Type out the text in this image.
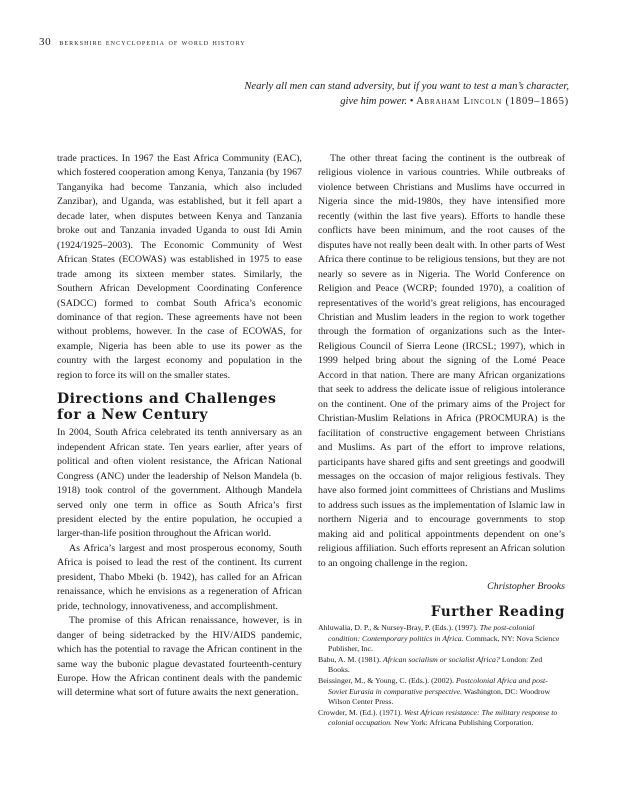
30 berkshire encyclopedia of world history
Nearly all men can stand adversity, but if you want to test a man’s character, give him power. • Abraham Lincoln (1809–1865)

trade practices. In 1967 the East Africa Community (EAC), which fostered cooperation among Kenya, Tanzania (by 1967 Tanganyika had become Tanzania, which also included Zanzibar), and Uganda, was established, but it fell apart a decade later, when disputes between Kenya and Tanzania broke out and Tanzania invaded Uganda to oust Idi Amin (1924/1925–2003). The Economic Community of West African States (ECOWAS) was established in 1975 to ease trade among its sixteen member states. Similarly, the Southern African Development Coordinating Conference (SADCC) formed to combat South Africa’s economic dominance of that region. These agreements have not been without problems, however. In the case of ECOWAS, for example, Nigeria has been able to use its power as the country with the largest economy and population in the region to force its will on the smaller states.

Directions and Challenges for a New Century

In 2004, South Africa celebrated its tenth anniversary as an independent African state. Ten years earlier, after years of political and often violent resistance, the African National Congress (ANC) under the leadership of Nelson Mandela (b. 1918) took control of the government. Although Mandela served only one term in office as South Africa’s first president elected by the entire population, he occupied a larger-than-life position throughout the African world.

As Africa’s largest and most prosperous economy, South Africa is poised to lead the rest of the continent. Its current president, Thabo Mbeki (b. 1942), has called for an African renaissance, which he envisions as a regeneration of African pride, technology, innovativeness, and accomplishment.

The promise of this African renaissance, however, is in danger of being sidetracked by the HIV/AIDS pandemic, which has the potential to ravage the African continent in the same way the bubonic plague devastated fourteenth-century Europe. How the African continent deals with the pandemic will determine what sort of future awaits the next generation.

The other threat facing the continent is the outbreak of religious violence in various countries. While outbreaks of violence between Christians and Muslims have occurred in Nigeria since the mid-1980s, they have intensified more recently (within the last five years). Efforts to handle these conflicts have been minimum, and the root causes of the disputes have not really been dealt with. In other parts of West Africa there continue to be religious tensions, but they are not nearly so severe as in Nigeria. The World Conference on Religion and Peace (WCRP; founded 1970), a coalition of representatives of the world’s great religions, has encouraged Christian and Muslim leaders in the region to work together through the formation of organizations such as the Inter-Religious Council of Sierra Leone (IRCSL; 1997), which in 1999 helped bring about the signing of the Lomé Peace Accord in that nation. There are many African organizations that seek to address the delicate issue of religious intolerance on the continent. One of the primary aims of the Project for Christian-Muslim Relations in Africa (PROCMURA) is the facilitation of constructive engagement between Christians and Muslims. As part of the effort to improve relations, participants have shared gifts and sent greetings and goodwill messages on the occasion of major religious festivals. They have also formed joint committees of Christians and Muslims to address such issues as the implementation of Islamic law in northern Nigeria and to encourage governments to stop making aid and political appointments dependent on one’s religious affiliation. Such efforts represent an African solution to an ongoing challenge in the region.

Christopher Brooks

Further Reading

Ahluwalia, D. P., & Nursey-Bray, P. (Eds.). (1997). The post-colonial condition: Contemporary politics in Africa. Commack, NY: Nova Science Publisher, Inc.

Babu, A. M. (1981). African socialism or socialist Africa? London: Zed Books.

Beissinger, M., & Young, C. (Eds.). (2002). Postcolonial Africa and post-Soviet Eurasia in comparative perspective. Washington, DC: Woodrow Wilson Center Press.

Crowder, M. (Ed.). (1971). West African resistance: The military response to colonial occupation. New York: Africana Publishing Corporation.
